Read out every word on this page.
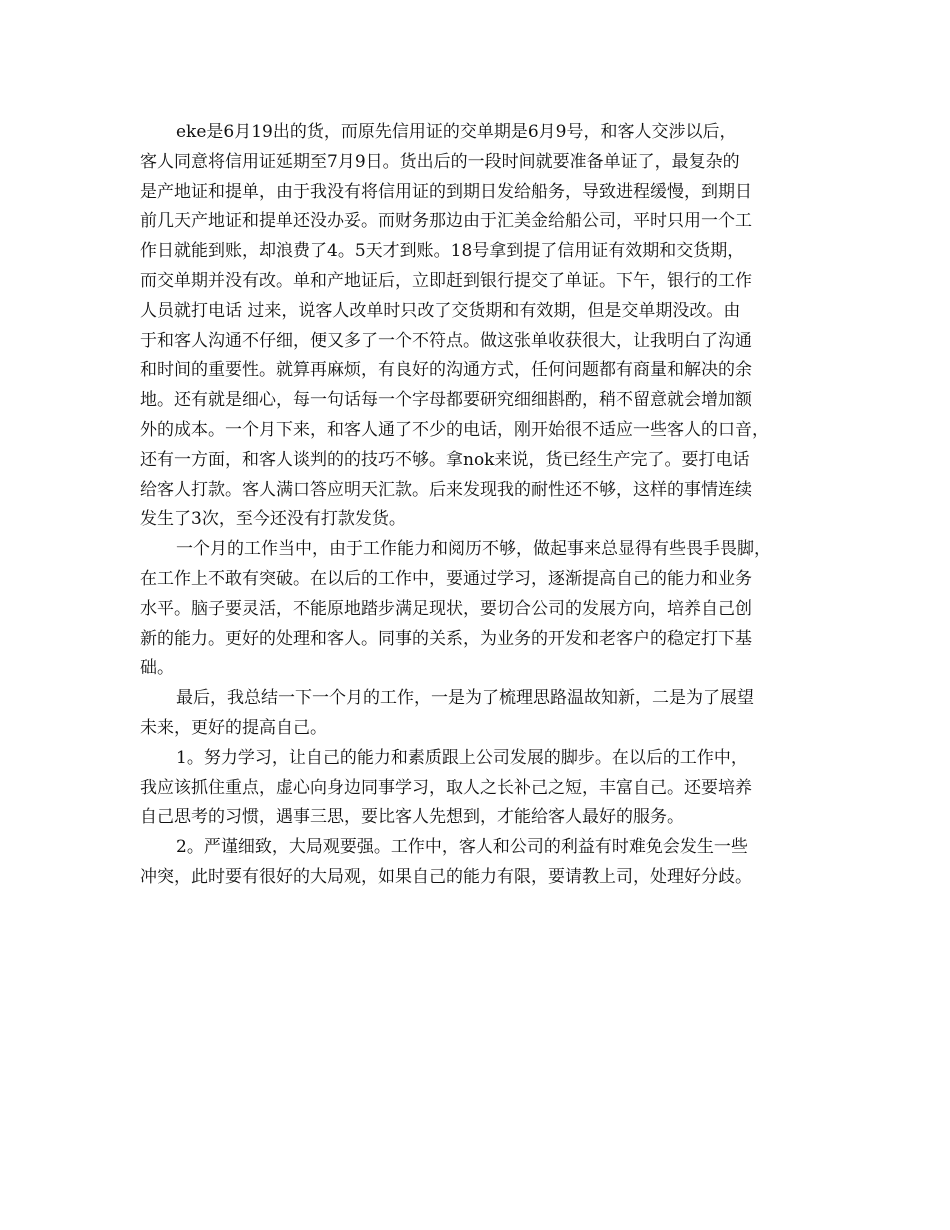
eke是6月19出的货，而原先信用证的交单期是6月9号，和客人交涉以后，
客人同意将信用证延期至7月9日。货出后的一段时间就要准备单证了，最复杂的
是产地证和提单，由于我没有将信用证的到期日发给船务，导致进程缓慢，到期日
前几天产地证和提单还没办妥。而财务那边由于汇美金给船公司，平时只用一个工
作日就能到账，却浪费了4。5天才到账。18号拿到提了信用证有效期和交货期，
而交单期并没有改。单和产地证后，立即赶到银行提交了单证。下午，银行的工作
人员就打电话 过来，说客人改单时只改了交货期和有效期，但是交单期没改。由
于和客人沟通不仔细，便又多了一个不符点。做这张单收获很大，让我明白了沟通
和时间的重要性。就算再麻烦，有良好的沟通方式，任何问题都有商量和解决的余
地。还有就是细心，每一句话每一个字母都要研究细细斟酌，稍不留意就会增加额
外的成本。一个月下来，和客人通了不少的电话，刚开始很不适应一些客人的口音，
还有一方面，和客人谈判的的技巧不够。拿nok来说，货已经生产完了。要打电话
给客人打款。客人满口答应明天汇款。后来发现我的耐性还不够，这样的事情连续
发生了3次，至今还没有打款发货。
一个月的工作当中，由于工作能力和阅历不够，做起事来总显得有些畏手畏脚，
在工作上不敢有突破。在以后的工作中，要通过学习，逐渐提高自己的能力和业务
水平。脑子要灵活，不能原地踏步满足现状，要切合公司的发展方向，培养自己创
新的能力。更好的处理和客人。同事的关系，为业务的开发和老客户的稳定打下基
础。
最后，我总结一下一个月的工作，一是为了梳理思路温故知新，二是为了展望
未来，更好的提高自己。
1。努力学习，让自己的能力和素质跟上公司发展的脚步。在以后的工作中，
我应该抓住重点，虚心向身边同事学习，取人之长补己之短，丰富自己。还要培养
自己思考的习惯，遇事三思，要比客人先想到，才能给客人最好的服务。
2。严谨细致，大局观要强。工作中，客人和公司的利益有时难免会发生一些
冲突，此时要有很好的大局观，如果自己的能力有限，要请教上司，处理好分歧。
